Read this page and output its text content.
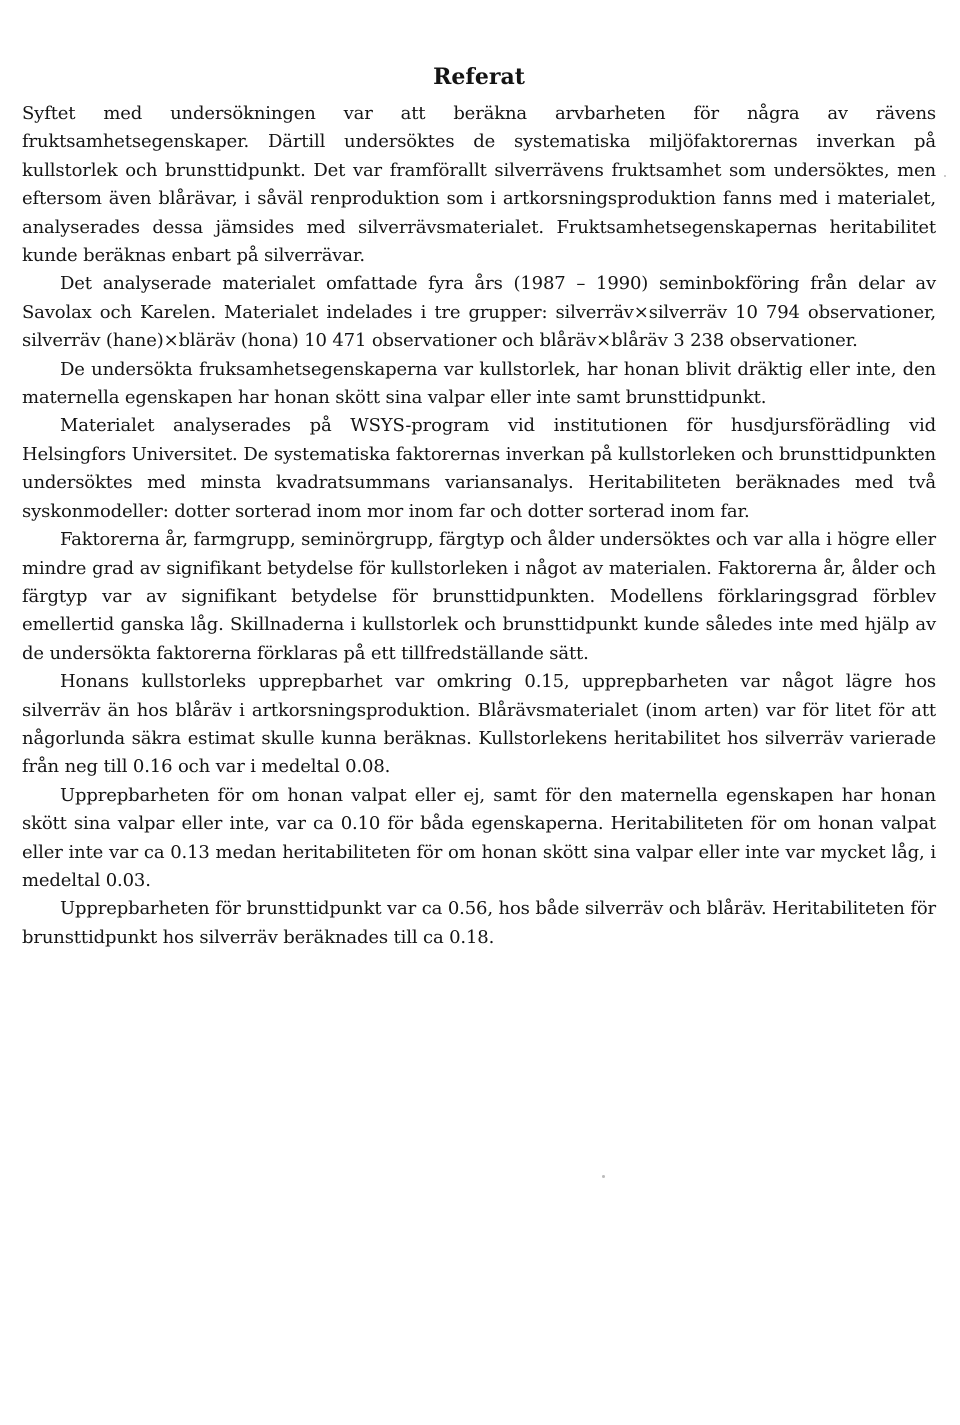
Referat

Syftet med undersökningen var att beräkna arvbarheten för några av rävens fruktsamhetsegenskaper. Därtill undersöktes de systematiska miljöfaktorernas inverkan på kullstorlek och brunsttidpunkt. Det var framförallt silverrävens fruktsamhet som undersöktes, men eftersom även blårävar, i såväl renproduktion som i artkorsningsproduktion fanns med i materialet, analyserades dessa jämsides med silverrävsmaterialet. Fruktsamhetsegenskapernas heritabilitet kunde beräknas enbart på silverrävar.

Det analyserade materialet omfattade fyra års (1987 – 1990) seminbokföring från delar av Savolax och Karelen. Materialet indelades i tre grupper: silverräv×silverräv 10 794 observationer, silverräv (hane)×bläräv (hona) 10 471 observationer och blåräv×blåräv 3 238 observationer.

De undersökta fruksamhetsegenskaperna var kullstorlek, har honan blivit dräktig eller inte, den maternella egenskapen har honan skött sina valpar eller inte samt brunsttidpunkt.

Materialet analyserades på WSYS-program vid institutionen för husdjursförädling vid Helsingfors Universitet. De systematiska faktorernas inverkan på kullstorleken och brunsttidpunkten undersöktes med minsta kvadratsummans variansanalys. Heritabiliteten beräknades med två syskonmodeller: dotter sorterad inom mor inom far och dotter sorterad inom far.

Faktorerna år, farmgrupp, seminörgrupp, färgtyp och ålder undersöktes och var alla i högre eller mindre grad av signifikant betydelse för kullstorleken i något av materialen. Faktorerna år, ålder och färgtyp var av signifikant betydelse för brunsttidpunkten. Modellens förklaringsgrad förblev emellertid ganska låg. Skillnaderna i kullstorlek och brunsttidpunkt kunde således inte med hjälp av de undersökta faktorerna förklaras på ett tillfredställande sätt.

Honans kullstorleks upprepbarhet var omkring 0.15, upprepbarheten var något lägre hos silverräv än hos blåräv i artkorsningsproduktion. Blårävsmaterialet (inom arten) var för litet för att någorlunda säkra estimat skulle kunna beräknas. Kullstorlekens heritabilitet hos silverräv varierade från neg till 0.16 och var i medeltal 0.08.

Upprepbarheten för om honan valpat eller ej, samt för den maternella egenskapen har honan skött sina valpar eller inte, var ca 0.10 för båda egenskaperna. Heritabiliteten för om honan valpat eller inte var ca 0.13 medan heritabiliteten för om honan skött sina valpar eller inte var mycket låg, i medeltal 0.03.

Upprepbarheten för brunsttidpunkt var ca 0.56, hos både silverräv och blåräv. Heritabiliteten för brunsttidpunkt hos silverräv beräknades till ca 0.18.
